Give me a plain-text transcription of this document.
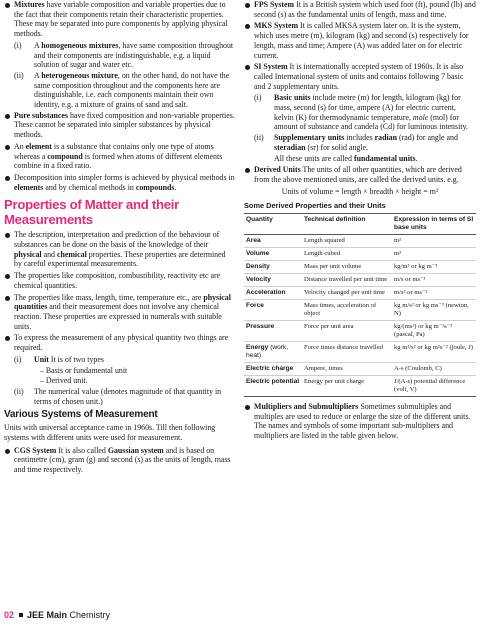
Mixtures have variable composition and variable properties due to the fact that their components retain their characteristic properties. These may be separated into pure components by applying physical methods.

(i) A homogeneous mixtures, have same composition throughout and their components are indistinguishable, e.g. a liquid solution of sugar and water etc.

(ii) A heterogeneous mixture, on the other hand, do not have the same composition throughout and the components here are distinguishable, i.e. each components maintain their own identity, e.g. a mixture of grains of sand and salt.

Pure substances have fixed composition and non-variable properties. These cannot be separated into simpler substances by physical methods.

An element is a substance that contains only one type of atoms whereas a compound is formed when atoms of different elements combine in a fixed ratio.

Decomposition into simpler forms is achieved by physical methods in elements and by chemical methods in compounds.

Properties of Matter and their Measurements

The description, interpretation and prediction of the behaviour of substances can be done on the basis of the knowledge of their physical and chemical properties. These properties are determined by careful experimental measurements.

The properties like composition, combustibility, reactivity etc are chemical quantities.

The properties like mass, length, time, temperature etc., are physical quantities and their measurement does not involve any chemical reaction. These properties are expressed in numerals with suitable units.

To express the measurement of any physical quantity two things are required.

(i) Unit It is of two types

– Basis or fundamental unit

– Derived unit.

(ii) The numerical value (denotes magnitude of that quantity in terms of chosen unit.)

Various Systems of Measurement

Units with universal acceptance came in 1960s. Till then following systems with different units were used for measurement.

CGS System It is also called Gaussian system and is based on centimetre (cm), gram (g) and second (s) as the units of length, mass and time respectively.

FPS System It is a British system which used foot (ft), pound (lb) and second (s) as the fundamental units of length, mass and time.

MKS System It is called MKSA system later on. It is the system, which uses metre (m), kilogram (kg) and second (s) respectively for length, mass and time; Ampere (A) was added later on for electric current.

SI System It is internationally accepted system of 1960s. It is also called International system of units and contains following 7 basic and 2 supplementary units.

(i) Basic units include metre (m) for length, kilogram (kg) for mass, second (s) for time, ampere (A) for electric current, kelvin (K) for thermodynamic temperature, mole (mol) for amount of substance and candela (Cd) for luminous intensity.

(ii) Supplementary units includes radian (rad) for angle and steradian (sr) for solid angle.

All these units are called fundamental units.

Derived Units The units of all other quantities, which are derived from the above mentioned units, are called the derived units. e.g.

Units of volume = length × breadth × height = m³

Some Derived Properties and their Units
Quantity	Technical definition	Expression in terms of SI base units
Area	Length squared	m²
Volume	Length cubed	m³
Density	Mass per unit volume	kg/m³ or kg m⁻³
Velocity	Distance travelled per unit time	m/s or ms⁻¹
Acceleration	Velocity changed per unit time	m/s² or ms⁻²
Force	Mass times, acceleration of object	kg m/s² or kg ms⁻² (newton, N)
Pressure	Force per unit area	kg/(ms²) or kg m⁻¹s⁻² (pascal, Pa)
Energy (work, heat)	Force times distance travelled	kg m²/s² or kg m²s⁻² (joule, J)
Electric charge	Ampere, times	A-s (Coulomb, C)
Electric potential	Energy per unit charge	J/(A-s) potential difference (volt, V)

Multipliers and Submultipliers Sometimes submultiples and multiples are used to reduce or enlarge the size of the different units. The names and symbols of some important sub-multipliers and multipliers are listed in the table given below.

02 JEE Main Chemistry
